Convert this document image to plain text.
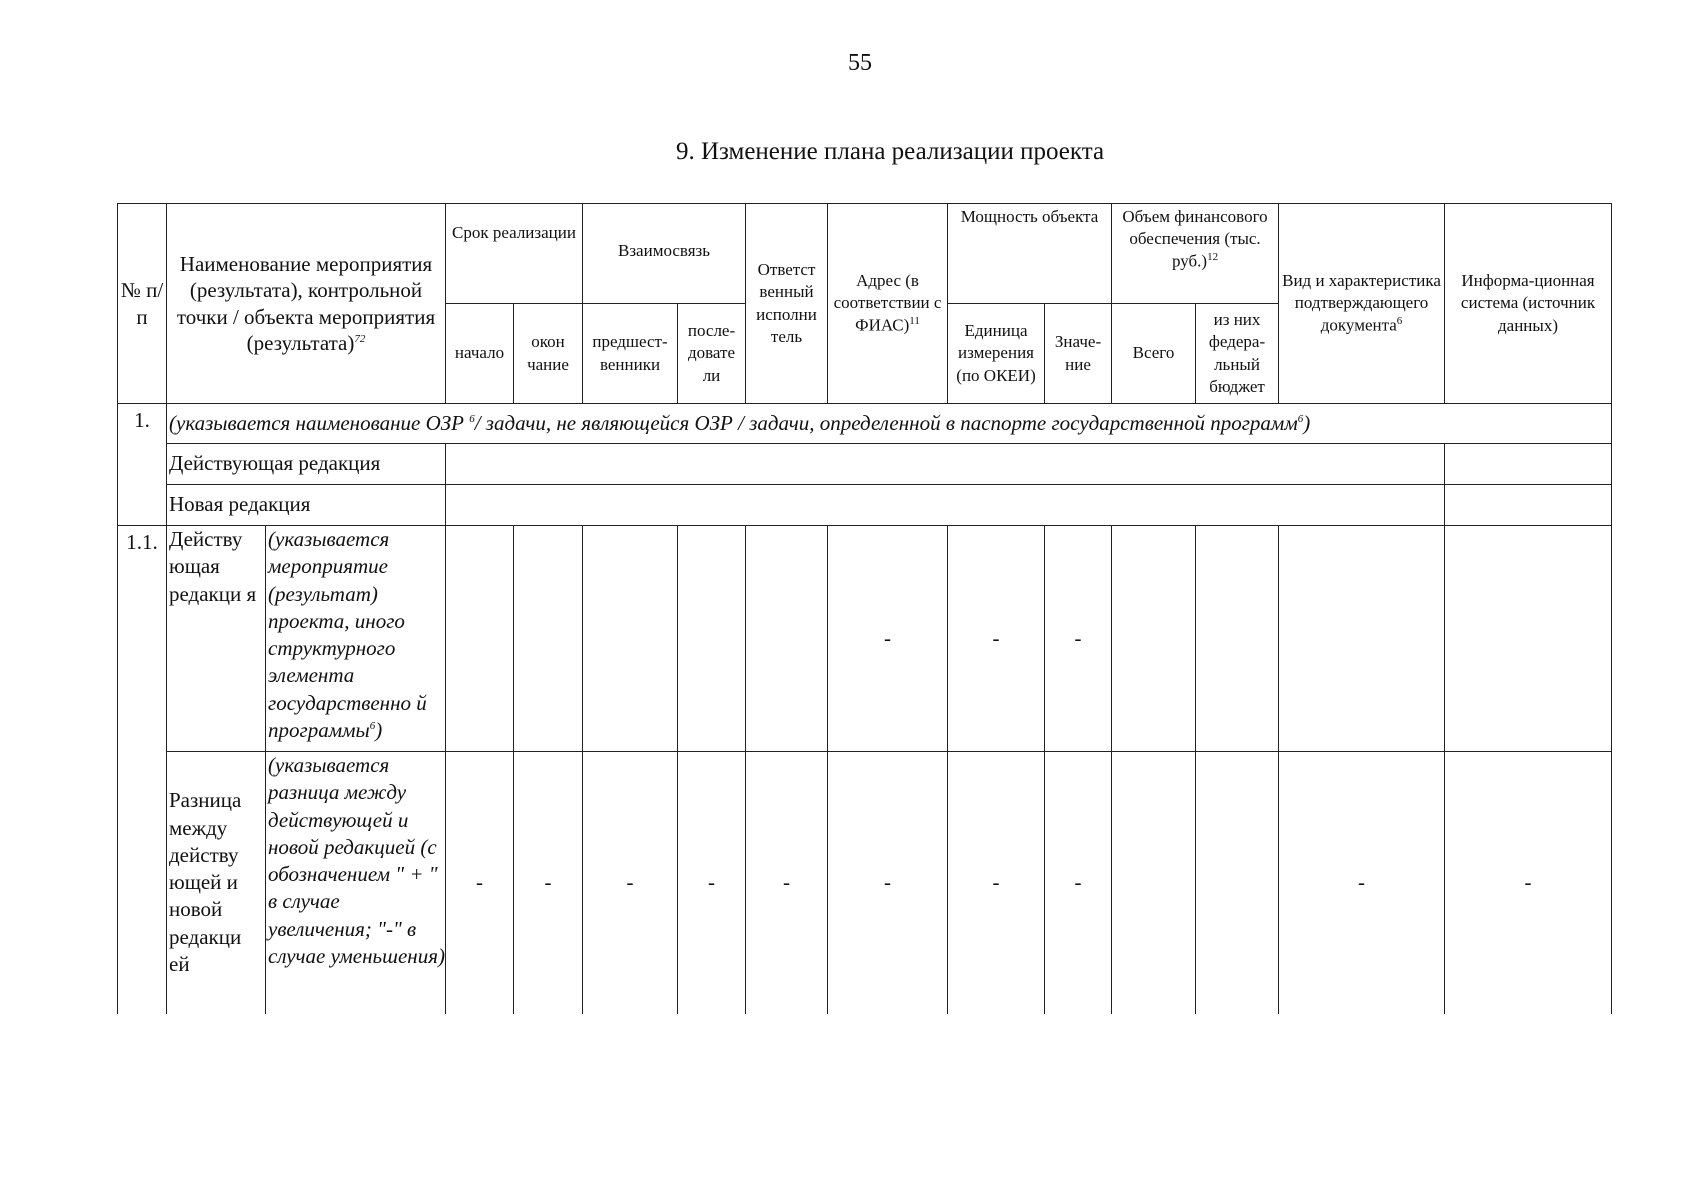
55
9. Изменение плана реализации проекта
№ п/п	Наименование мероприятия (результата), контрольной точки / объекта мероприятия (результата)$^{72}$		Срок реализации		Взаимосвязь		Ответст венный исполни тель	Адрес (в соответствии с ФИАС)$^{11}$	Мощность объекта		Объем финансового обеспечения (тыс. руб.)$^{12}$		Вид и характеристика подтверждающего документа$^6$	Информа-ционная система (источник данных)
			начало	окон чание	предшест-венники	после-довате ли			Единица измерения (по ОКЕИ)	Значе-ние	Всего	из них федера-льный бюджет		
1.	(указывается наименование ОЗР $^6$/ задачи, не являющейся ОЗР / задачи, определенной в паспорте государственной программ$^6$)													
	Действующая редакция													
	Новая редакция													
1.1.	Действу ющая редакци я	(указывается мероприятие (результат) проекта, иного структурного элемента государственно й программы$^6$)						-	-	-				
	Разница между действу ющей и новой редакци ей	(указывается разница между действующей и новой редакцией (с обозначением " + " в случае увеличения; "-" в случае уменьшения)	-	-	-	-	-	-	-	-			-	-
